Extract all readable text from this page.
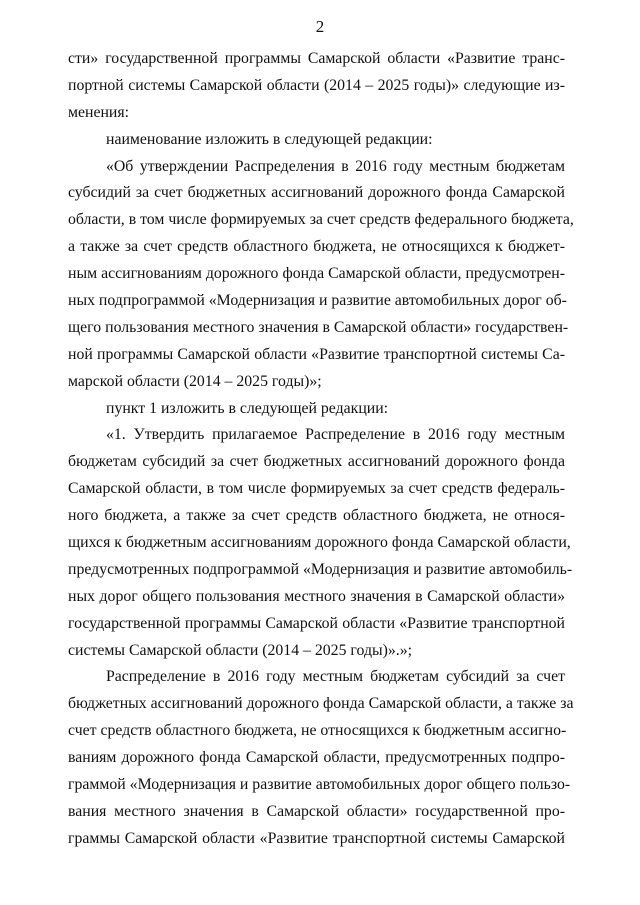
2
сти» государственной программы Самарской области «Развитие транс-
портной системы Самарской области (2014 – 2025 годы)» следующие из-
менения:
наименование изложить в следующей редакции:
«Об утверждении Распределения в 2016 году местным бюджетам
субсидий за счет бюджетных ассигнований дорожного фонда Самарской
области, в том числе формируемых за счет средств федерального бюджета,
а также за счет средств областного бюджета, не относящихся к бюджет-
ным ассигнованиям дорожного фонда Самарской области, предусмотрен-
ных подпрограммой «Модернизация и развитие автомобильных дорог об-
щего пользования местного значения в Самарской области» государствен-
ной программы Самарской области «Развитие транспортной системы Са-
марской области (2014 – 2025 годы)»;
пункт 1 изложить в следующей редакции:
«1. Утвердить прилагаемое Распределение в 2016 году местным
бюджетам субсидий за счет бюджетных ассигнований дорожного фонда
Самарской области, в том числе формируемых за счет средств федераль-
ного бюджета, а также за счет средств областного бюджета, не относя-
щихся к бюджетным ассигнованиям дорожного фонда Самарской области,
предусмотренных подпрограммой «Модернизация и развитие автомобиль-
ных дорог общего пользования местного значения в Самарской области»
государственной программы Самарской области «Развитие транспортной
системы Самарской области (2014 – 2025 годы)».»;
Распределение в 2016 году местным бюджетам субсидий за счет
бюджетных ассигнований дорожного фонда Самарской области, а также за
счет средств областного бюджета, не относящихся к бюджетным ассигно-
ваниям дорожного фонда Самарской области, предусмотренных подпро-
граммой «Модернизация и развитие автомобильных дорог общего пользо-
вания местного значения в Самарской области» государственной про-
граммы Самарской области «Развитие транспортной системы Самарской
